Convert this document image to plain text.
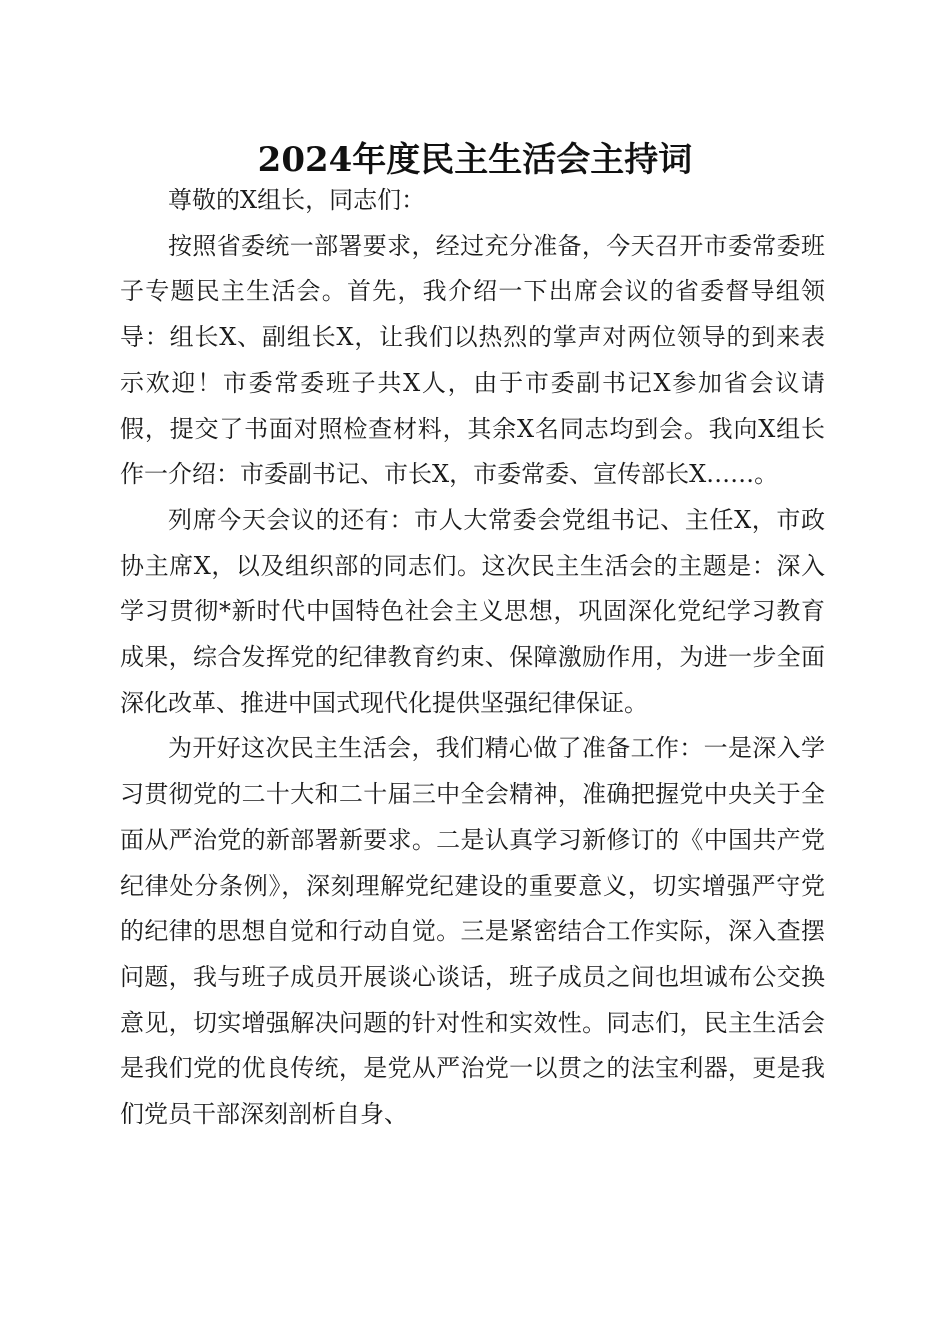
2024年度民主生活会主持词

尊敬的X组长，同志们：

按照省委统一部署要求，经过充分准备，今天召开市委常委班子专题民主生活会。首先，我介绍一下出席会议的省委督导组领导：组长X、副组长X，让我们以热烈的掌声对两位领导的到来表示欢迎！市委常委班子共X人，由于市委副书记X参加省会议请假，提交了书面对照检查材料，其余X名同志均到会。我向X组长作一介绍：市委副书记、市长X，市委常委、宣传部长X……。

列席今天会议的还有：市人大常委会党组书记、主任X，市政协主席X，以及组织部的同志们。这次民主生活会的主题是：深入学习贯彻*新时代中国特色社会主义思想，巩固深化党纪学习教育成果，综合发挥党的纪律教育约束、保障激励作用，为进一步全面深化改革、推进中国式现代化提供坚强纪律保证。

为开好这次民主生活会，我们精心做了准备工作：一是深入学习贯彻党的二十大和二十届三中全会精神，准确把握党中央关于全面从严治党的新部署新要求。二是认真学习新修订的《中国共产党纪律处分条例》，深刻理解党纪建设的重要意义，切实增强严守党的纪律的思想自觉和行动自觉。三是紧密结合工作实际，深入查摆问题，我与班子成员开展谈心谈话，班子成员之间也坦诚布公交换意见，切实增强解决问题的针对性和实效性。同志们，民主生活会是我们党的优良传统，是党从严治党一以贯之的法宝利器，更是我们党员干部深刻剖析自身、
